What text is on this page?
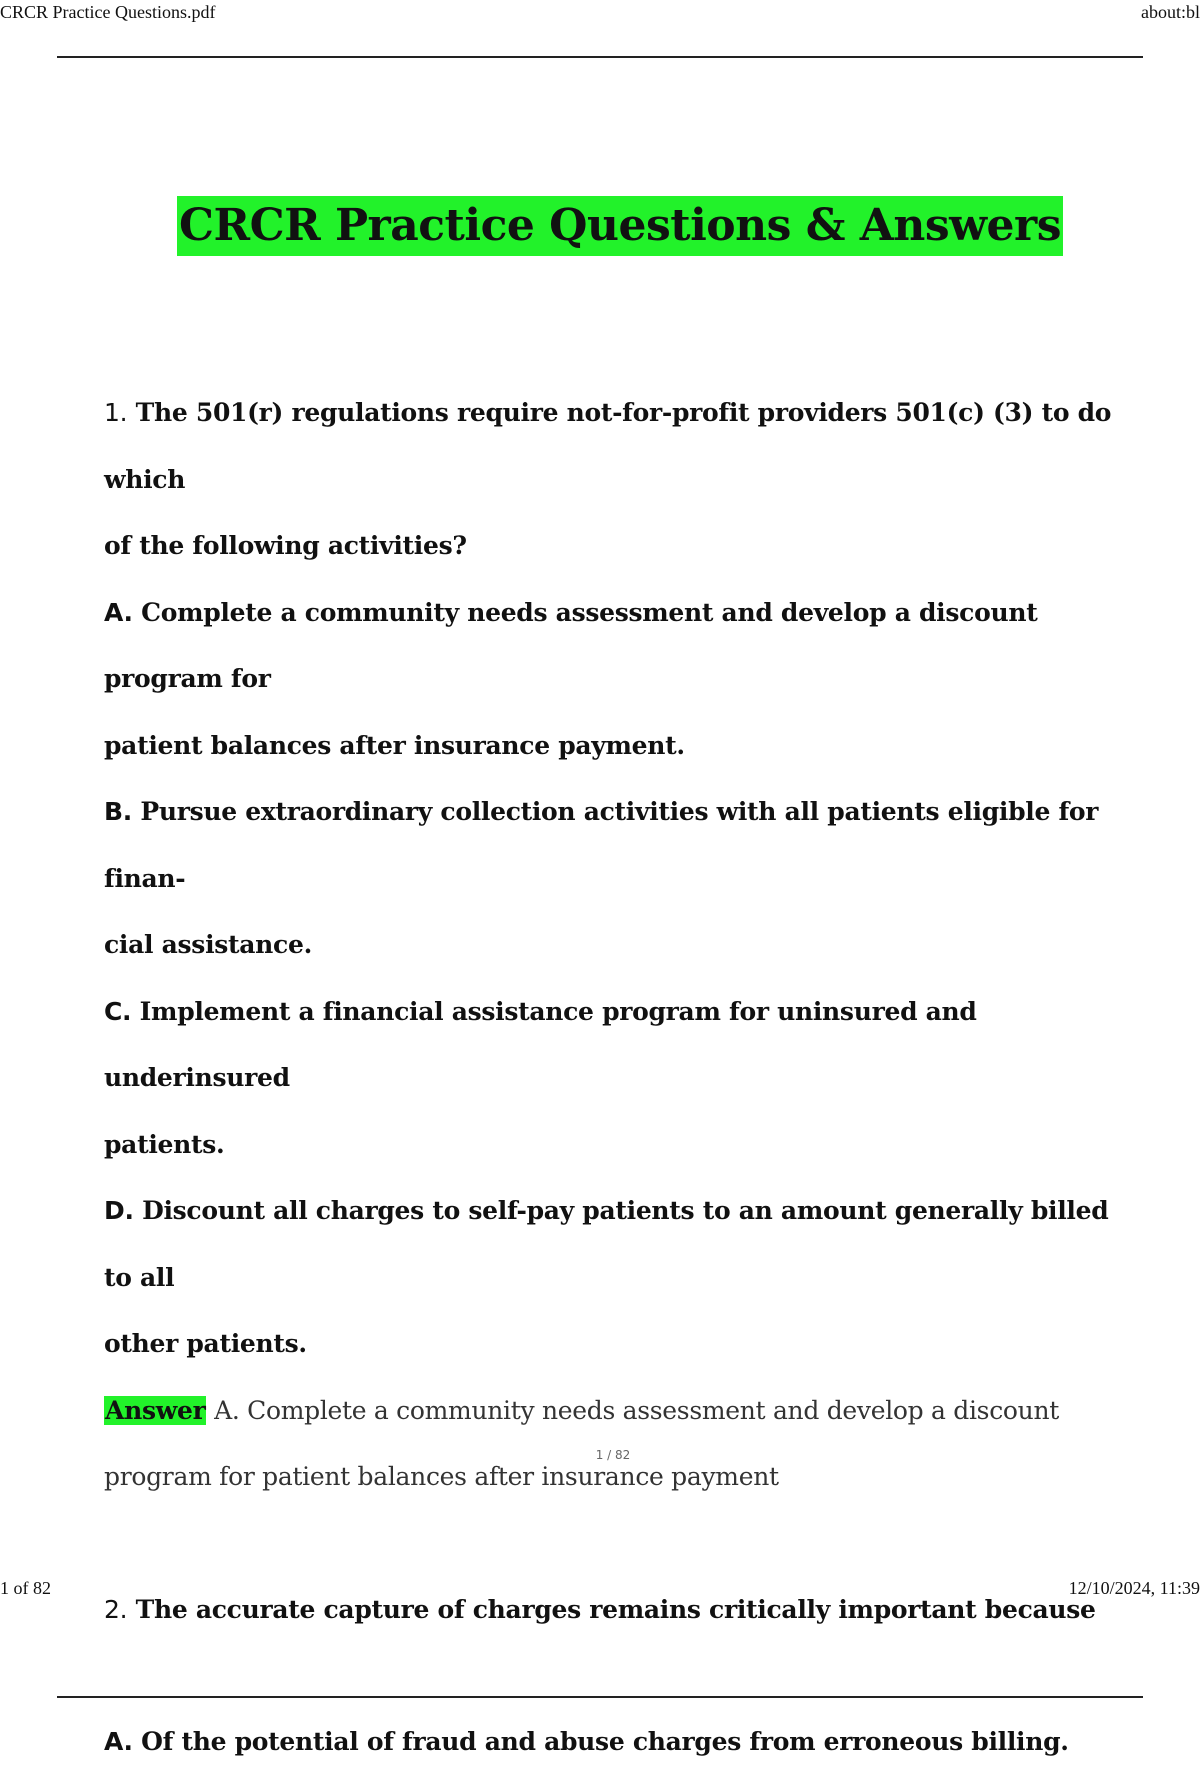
CRCR Practice Questions.pdf	about:bl
CRCR Practice Questions & Answers

1. The 501(r) regulations require not-for-profit providers 501(c) (3) to do which
of the following activities?

A. Complete a community needs assessment and develop a discount program for
patient balances after insurance payment.

B. Pursue extraordinary collection activities with all patients eligible for finan-
cial assistance.

C. Implement a financial assistance program for uninsured and underinsured
patients.

D. Discount all charges to self-pay patients to an amount generally billed to all
other patients.

Answer A. Complete a community needs assessment and develop a discount
program for patient balances after insurance payment

2. The accurate capture of charges remains critically important because

A. Of the potential of fraud and abuse charges from erroneous billing.

1 / 82
1 of 82	12/10/2024, 11:39
